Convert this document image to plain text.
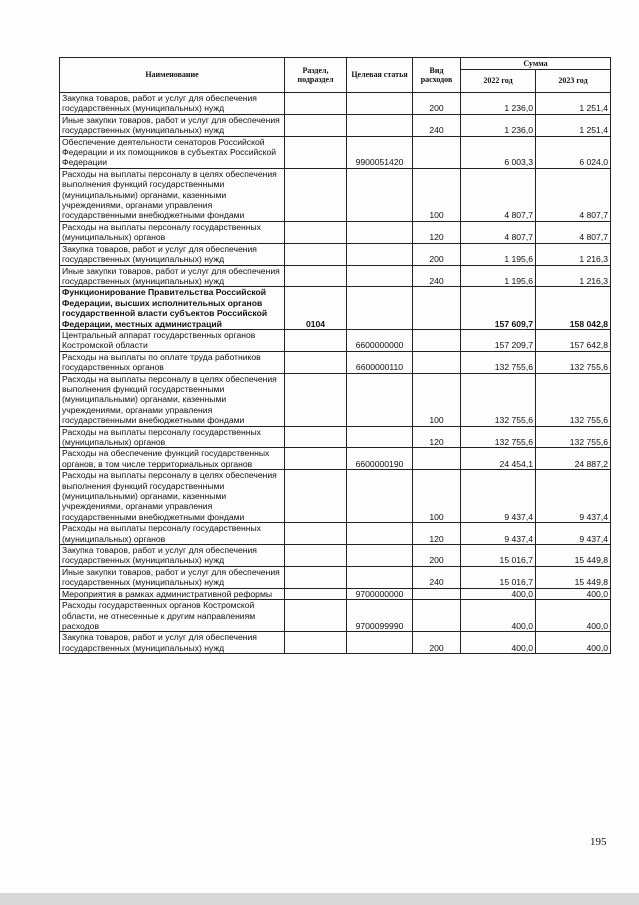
Наименование	Раздел, подраздел	Целевая статья	Вид расходов	Сумма	
				2022 год	2023 год
Закупка товаров, работ и услуг для обеспечения государственных (муниципальных) нужд			200	1 236,0	1 251,4
Иные закупки товаров, работ и услуг для обеспечения государственных (муниципальных) нужд			240	1 236,0	1 251,4
Обеспечение деятельности сенаторов Российской Федерации и их помощников в субъектах Российской Федерации		9900051420		6 003,3	6 024,0
Расходы на выплаты персоналу в целях обеспечения выполнения функций государственными (муниципальными) органами, казенными учреждениями, органами управления государственными внебюджетными фондами			100	4 807,7	4 807,7
Расходы на выплаты персоналу государственных (муниципальных) органов			120	4 807,7	4 807,7
Закупка товаров, работ и услуг для обеспечения государственных (муниципальных) нужд			200	1 195,6	1 216,3
Иные закупки товаров, работ и услуг для обеспечения государственных (муниципальных) нужд			240	1 195,6	1 216,3
Функционирование Правительства Российской Федерации, высших исполнительных органов государственной власти субъектов Российской Федерации, местных администраций	0104			157 609,7	158 042,8
Центральный аппарат государственных органов Костромской области		6600000000		157 209,7	157 642,8
Расходы на выплаты по оплате труда работников государственных органов		6600000110		132 755,6	132 755,6
Расходы на выплаты персоналу в целях обеспечения выполнения функций государственными (муниципальными) органами, казенными учреждениями, органами управления государственными внебюджетными фондами			100	132 755,6	132 755,6
Расходы на выплаты персоналу государственных (муниципальных) органов			120	132 755,6	132 755,6
Расходы на обеспечение функций государственных органов, в том числе территориальных органов		6600000190		24 454,1	24 887,2
Расходы на выплаты персоналу в целях обеспечения выполнения функций государственными (муниципальными) органами, казенными учреждениями, органами управления государственными внебюджетными фондами			100	9 437,4	9 437,4
Расходы на выплаты персоналу государственных (муниципальных) органов			120	9 437,4	9 437,4
Закупка товаров, работ и услуг для обеспечения государственных (муниципальных) нужд			200	15 016,7	15 449,8
Иные закупки товаров, работ и услуг для обеспечения государственных (муниципальных) нужд			240	15 016,7	15 449,8
Мероприятия в рамках административной реформы		9700000000		400,0	400,0
Расходы государственных органов Костромской области, не отнесенные к другим направлениям расходов		9700099990		400,0	400,0
Закупка товаров, работ и услуг для обеспечения государственных (муниципальных) нужд			200	400,0	400,0
195
